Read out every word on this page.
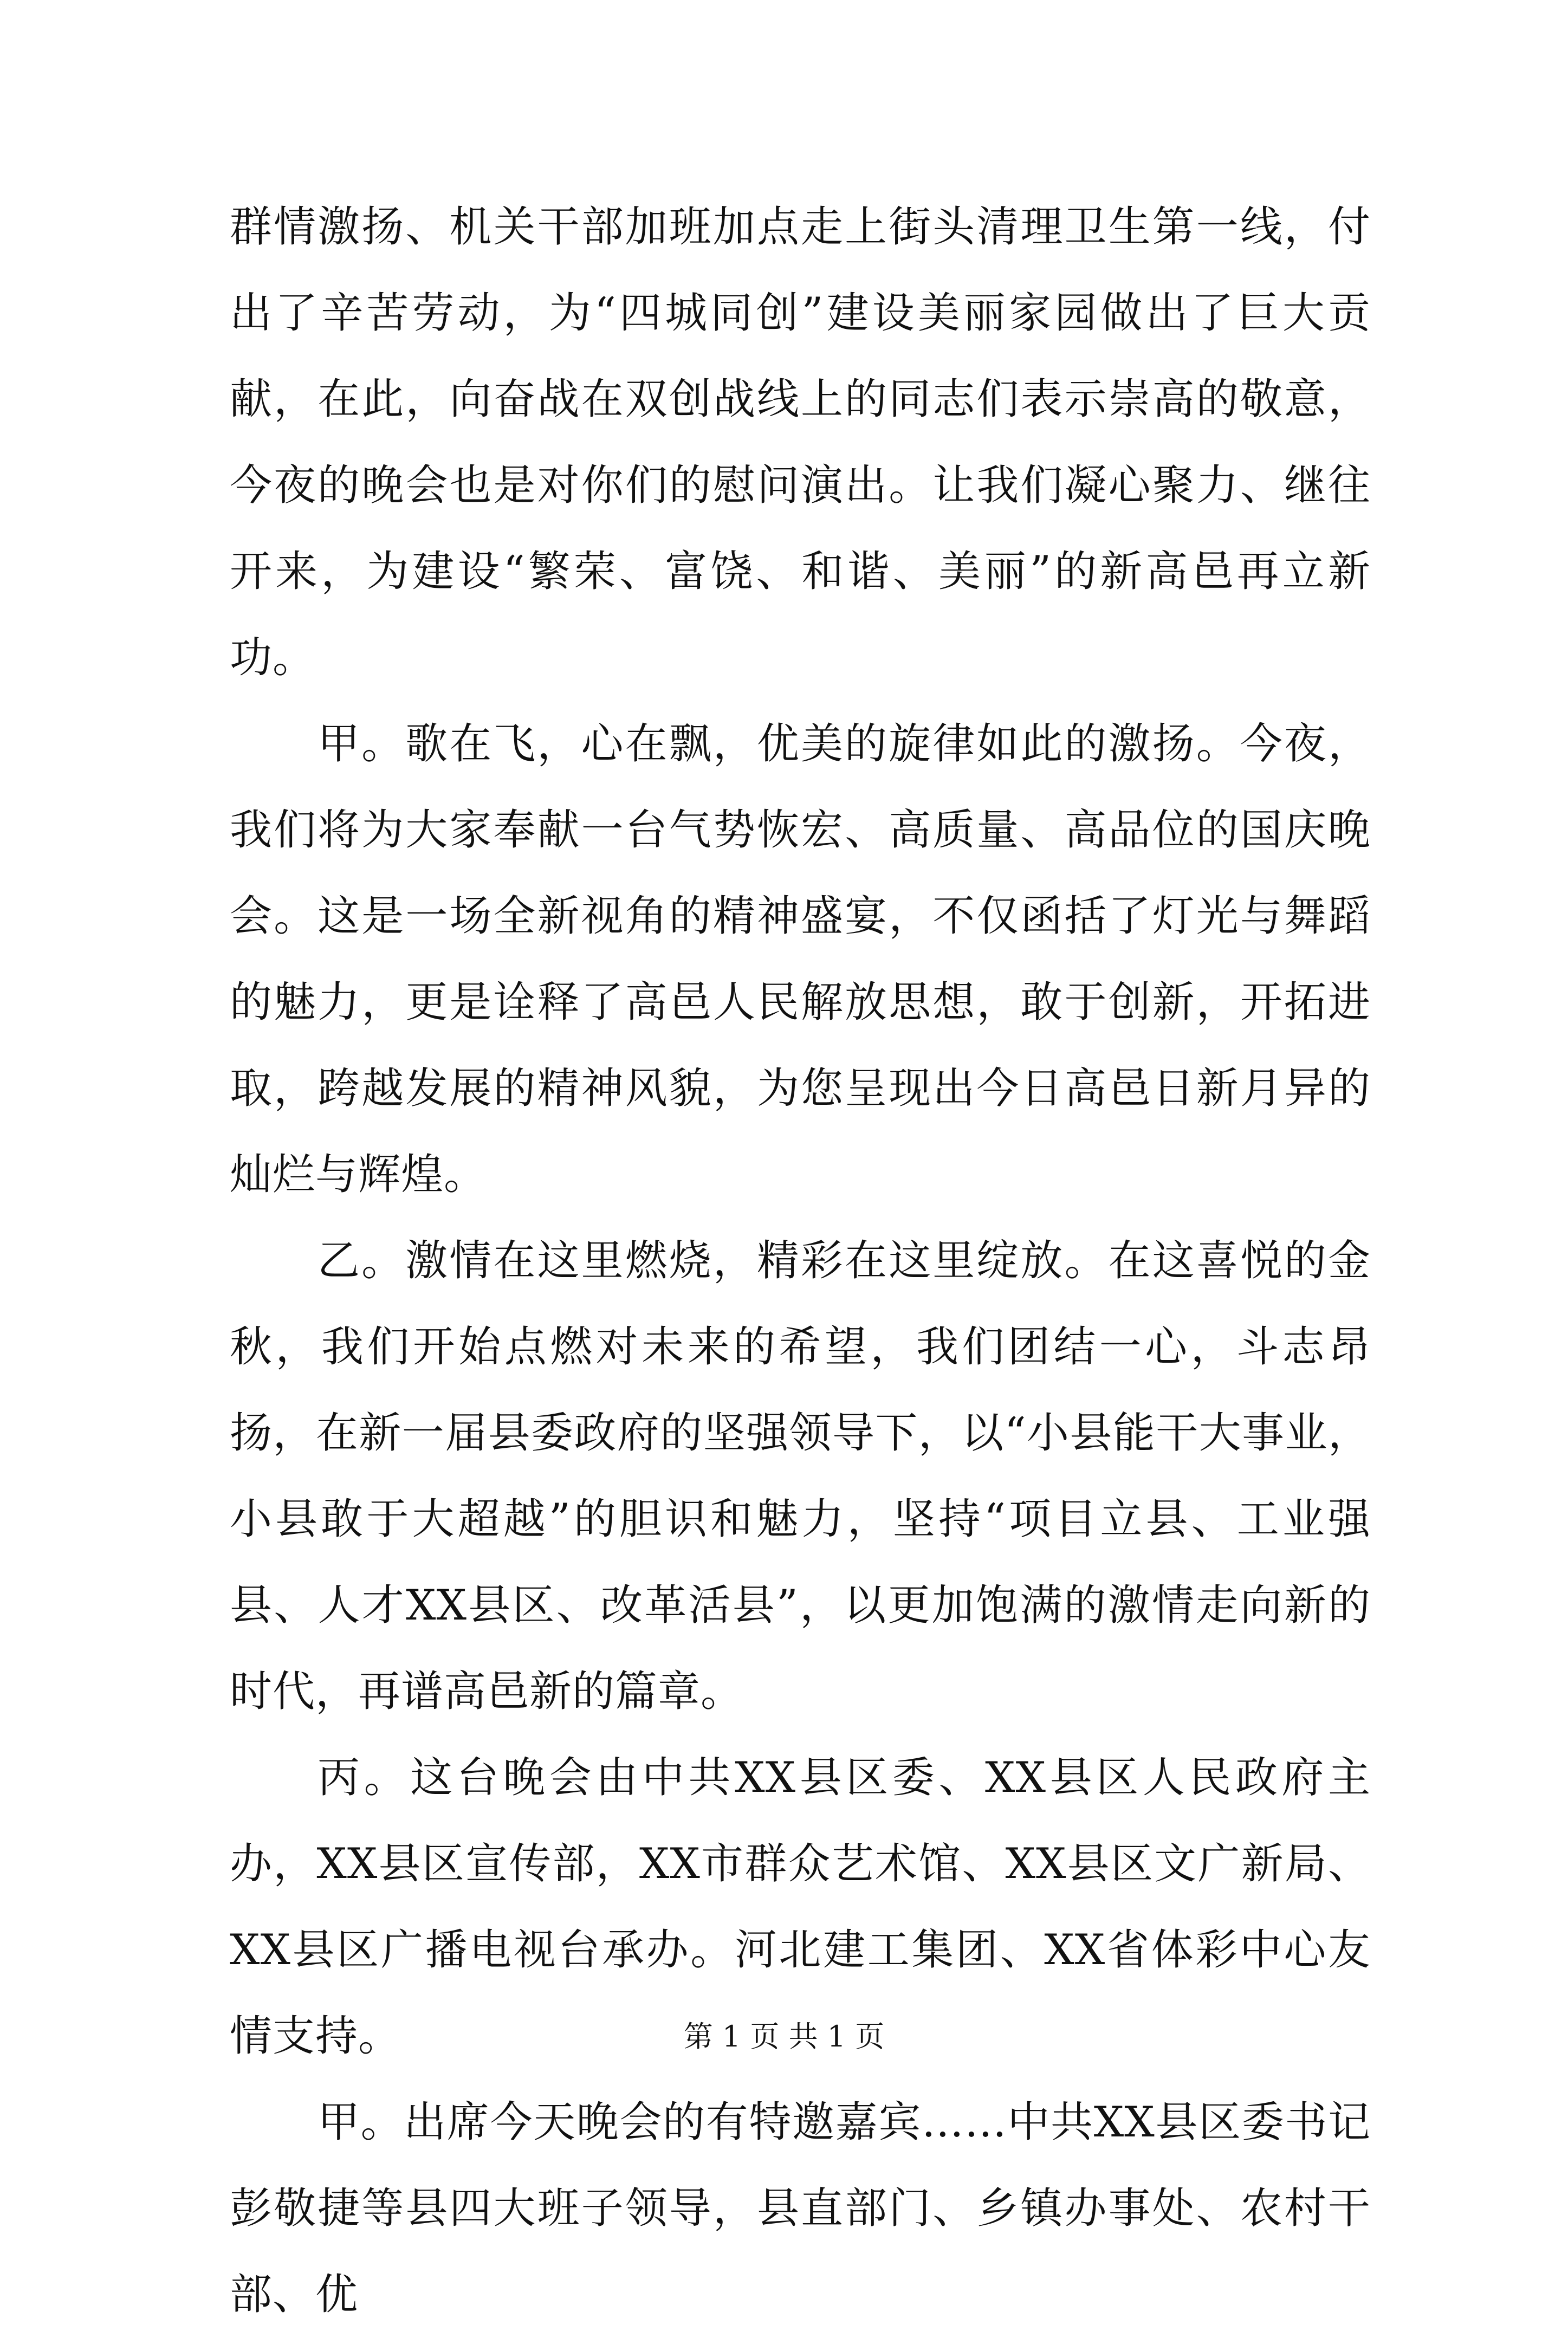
群情激扬、机关干部加班加点走上街头清理卫生第一线，付出了辛苦劳动，为“四城同创”建设美丽家园做出了巨大贡献，在此，向奋战在双创战线上的同志们表示崇高的敬意，今夜的晚会也是对你们的慰问演出。让我们凝心聚力、继往开来，为建设“繁荣、富饶、和谐、美丽”的新高邑再立新功。

甲。歌在飞，心在飘，优美的旋律如此的激扬。今夜，我们将为大家奉献一台气势恢宏、高质量、高品位的国庆晚会。这是一场全新视角的精神盛宴，不仅函括了灯光与舞蹈的魅力，更是诠释了高邑人民解放思想，敢于创新，开拓进取，跨越发展的精神风貌，为您呈现出今日高邑日新月异的灿烂与辉煌。

乙。激情在这里燃烧，精彩在这里绽放。在这喜悦的金秋，我们开始点燃对未来的希望，我们团结一心，斗志昂扬，在新一届县委政府的坚强领导下，以“小县能干大事业，小县敢于大超越”的胆识和魅力，坚持“项目立县、工业强县、人才XX县区、改革活县”，以更加饱满的激情走向新的时代，再谱高邑新的篇章。

丙。这台晚会由中共XX县区委、XX县区人民政府主办，XX县区宣传部，XX市群众艺术馆、XX县区文广新局、XX县区广播电视台承办。河北建工集团、XX省体彩中心友情支持。

甲。出席今天晚会的有特邀嘉宾……中共XX县区委书记彭敬捷等县四大班子领导，县直部门、乡镇办事处、农村干部、优

第 1 页 共 1 页
